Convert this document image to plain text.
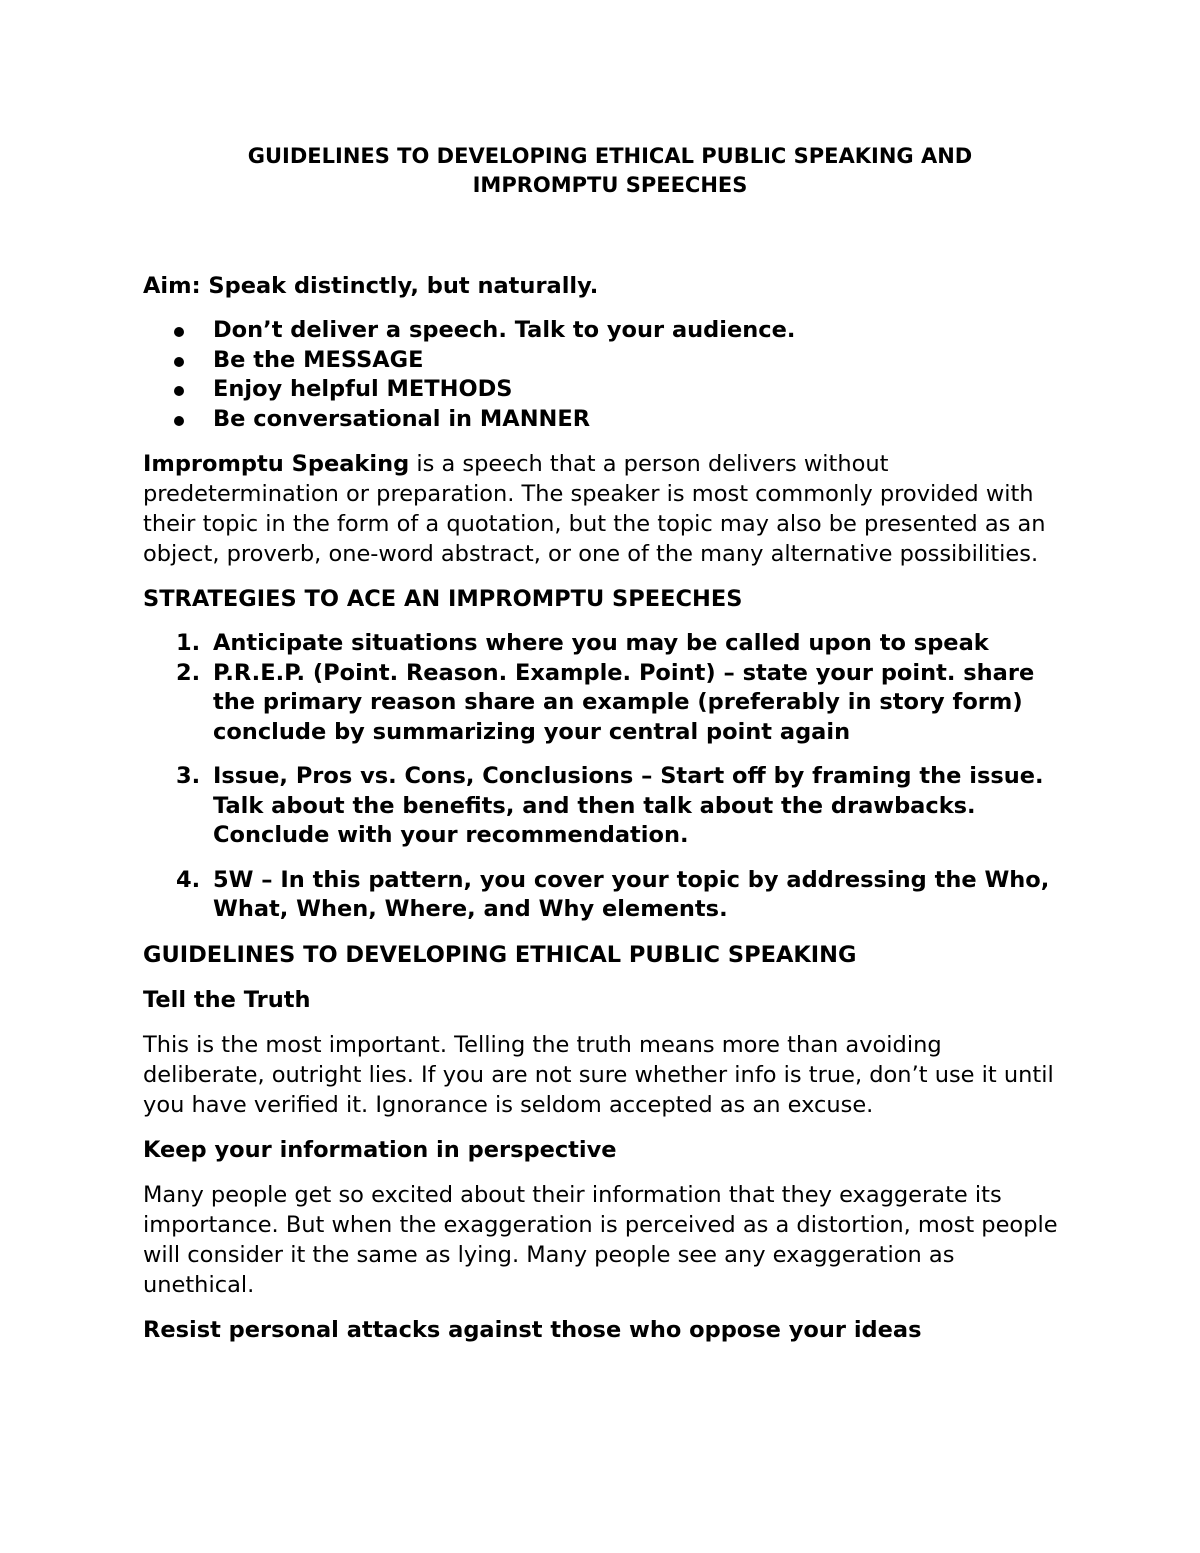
GUIDELINES TO DEVELOPING ETHICAL PUBLIC SPEAKING AND
IMPROMPTU SPEECHES

Aim: Speak distinctly, but naturally.

Don’t deliver a speech. Talk to your audience.
Be the MESSAGE
Enjoy helpful METHODS
Be conversational in MANNER

Impromptu Speaking is a speech that a person delivers without predetermination or preparation. The speaker is most commonly provided with their topic in the form of a quotation, but the topic may also be presented as an object, proverb, one-word abstract, or one of the many alternative possibilities.

STRATEGIES TO ACE AN IMPROMPTU SPEECHES

1. Anticipate situations where you may be called upon to speak
2. P.R.E.P. (Point. Reason. Example. Point) – state your point. share the primary reason share an example (preferably in story form) conclude by summarizing your central point again
3. Issue, Pros vs. Cons, Conclusions – Start off by framing the issue. Talk about the benefits, and then talk about the drawbacks. Conclude with your recommendation.
4. 5W – In this pattern, you cover your topic by addressing the Who, What, When, Where, and Why elements.

GUIDELINES TO DEVELOPING ETHICAL PUBLIC SPEAKING

Tell the Truth

This is the most important. Telling the truth means more than avoiding deliberate, outright lies. If you are not sure whether info is true, don’t use it until you have verified it. Ignorance is seldom accepted as an excuse.

Keep your information in perspective

Many people get so excited about their information that they exaggerate its importance. But when the exaggeration is perceived as a distortion, most people will consider it the same as lying. Many people see any exaggeration as unethical.

Resist personal attacks against those who oppose your ideas
